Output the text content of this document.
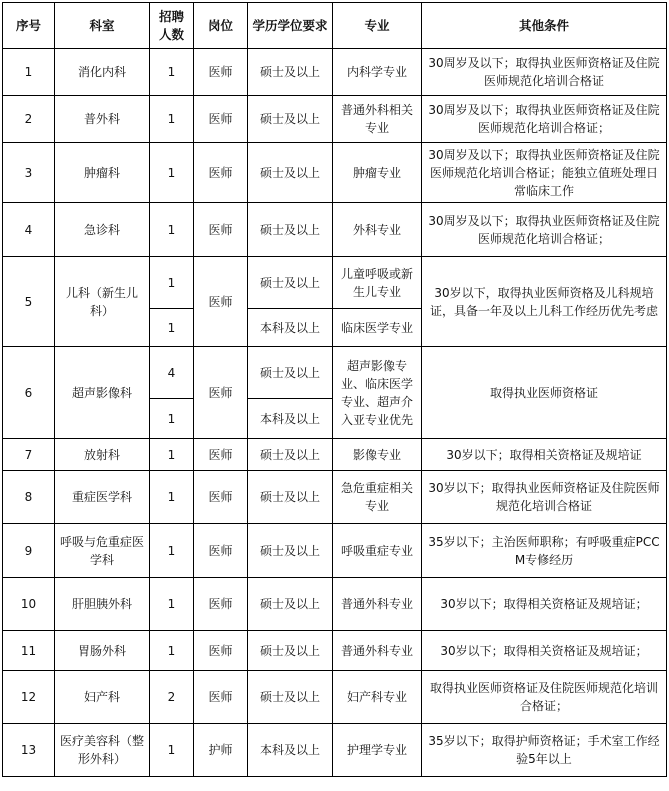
序号	科室	招聘人数	岗位	学历学位要求	专业	其他条件
1	消化内科	1	医师	硕士及以上	内科学专业	30周岁及以下；取得执业医师资格证及住院医师规范化培训合格证
2	普外科	1	医师	硕士及以上	普通外科相关专业	30周岁及以下；取得执业医师资格证及住院医师规范化培训合格证；
3	肿瘤科	1	医师	硕士及以上	肿瘤专业	30周岁及以下；取得执业医师资格证及住院医师规范化培训合格证；能独立值班处理日常临床工作
4	急诊科	1	医师	硕士及以上	外科专业	30周岁及以下；取得执业医师资格证及住院医师规范化培训合格证；
5	儿科（新生儿科）	1	医师	硕士及以上	儿童呼吸或新生儿专业	30岁以下，取得执业医师资格及儿科规培证，具备一年及以上儿科工作经历优先考虑
		1		本科及以上	临床医学专业	
6	超声影像科	4	医师	硕士及以上	超声影像专业、临床医学专业、超声介入亚专业优先	取得执业医师资格证
		1		本科及以上		
7	放射科	1	医师	硕士及以上	影像专业	30岁以下；取得相关资格证及规培证
8	重症医学科	1	医师	硕士及以上	急危重症相关专业	30岁以下；取得执业医师资格证及住院医师规范化培训合格证
9	呼吸与危重症医学科	1	医师	硕士及以上	呼吸重症专业	35岁以下；主治医师职称；有呼吸重症PCCM专修经历
10	肝胆胰外科	1	医师	硕士及以上	普通外科专业	30岁以下；取得相关资格证及规培证；
11	胃肠外科	1	医师	硕士及以上	普通外科专业	30岁以下；取得相关资格证及规培证；
12	妇产科	2	医师	硕士及以上	妇产科专业	取得执业医师资格证及住院医师规范化培训合格证；
13	医疗美容科（整形外科）	1	护师	本科及以上	护理学专业	35岁以下；取得护师资格证；手术室工作经验5年以上
